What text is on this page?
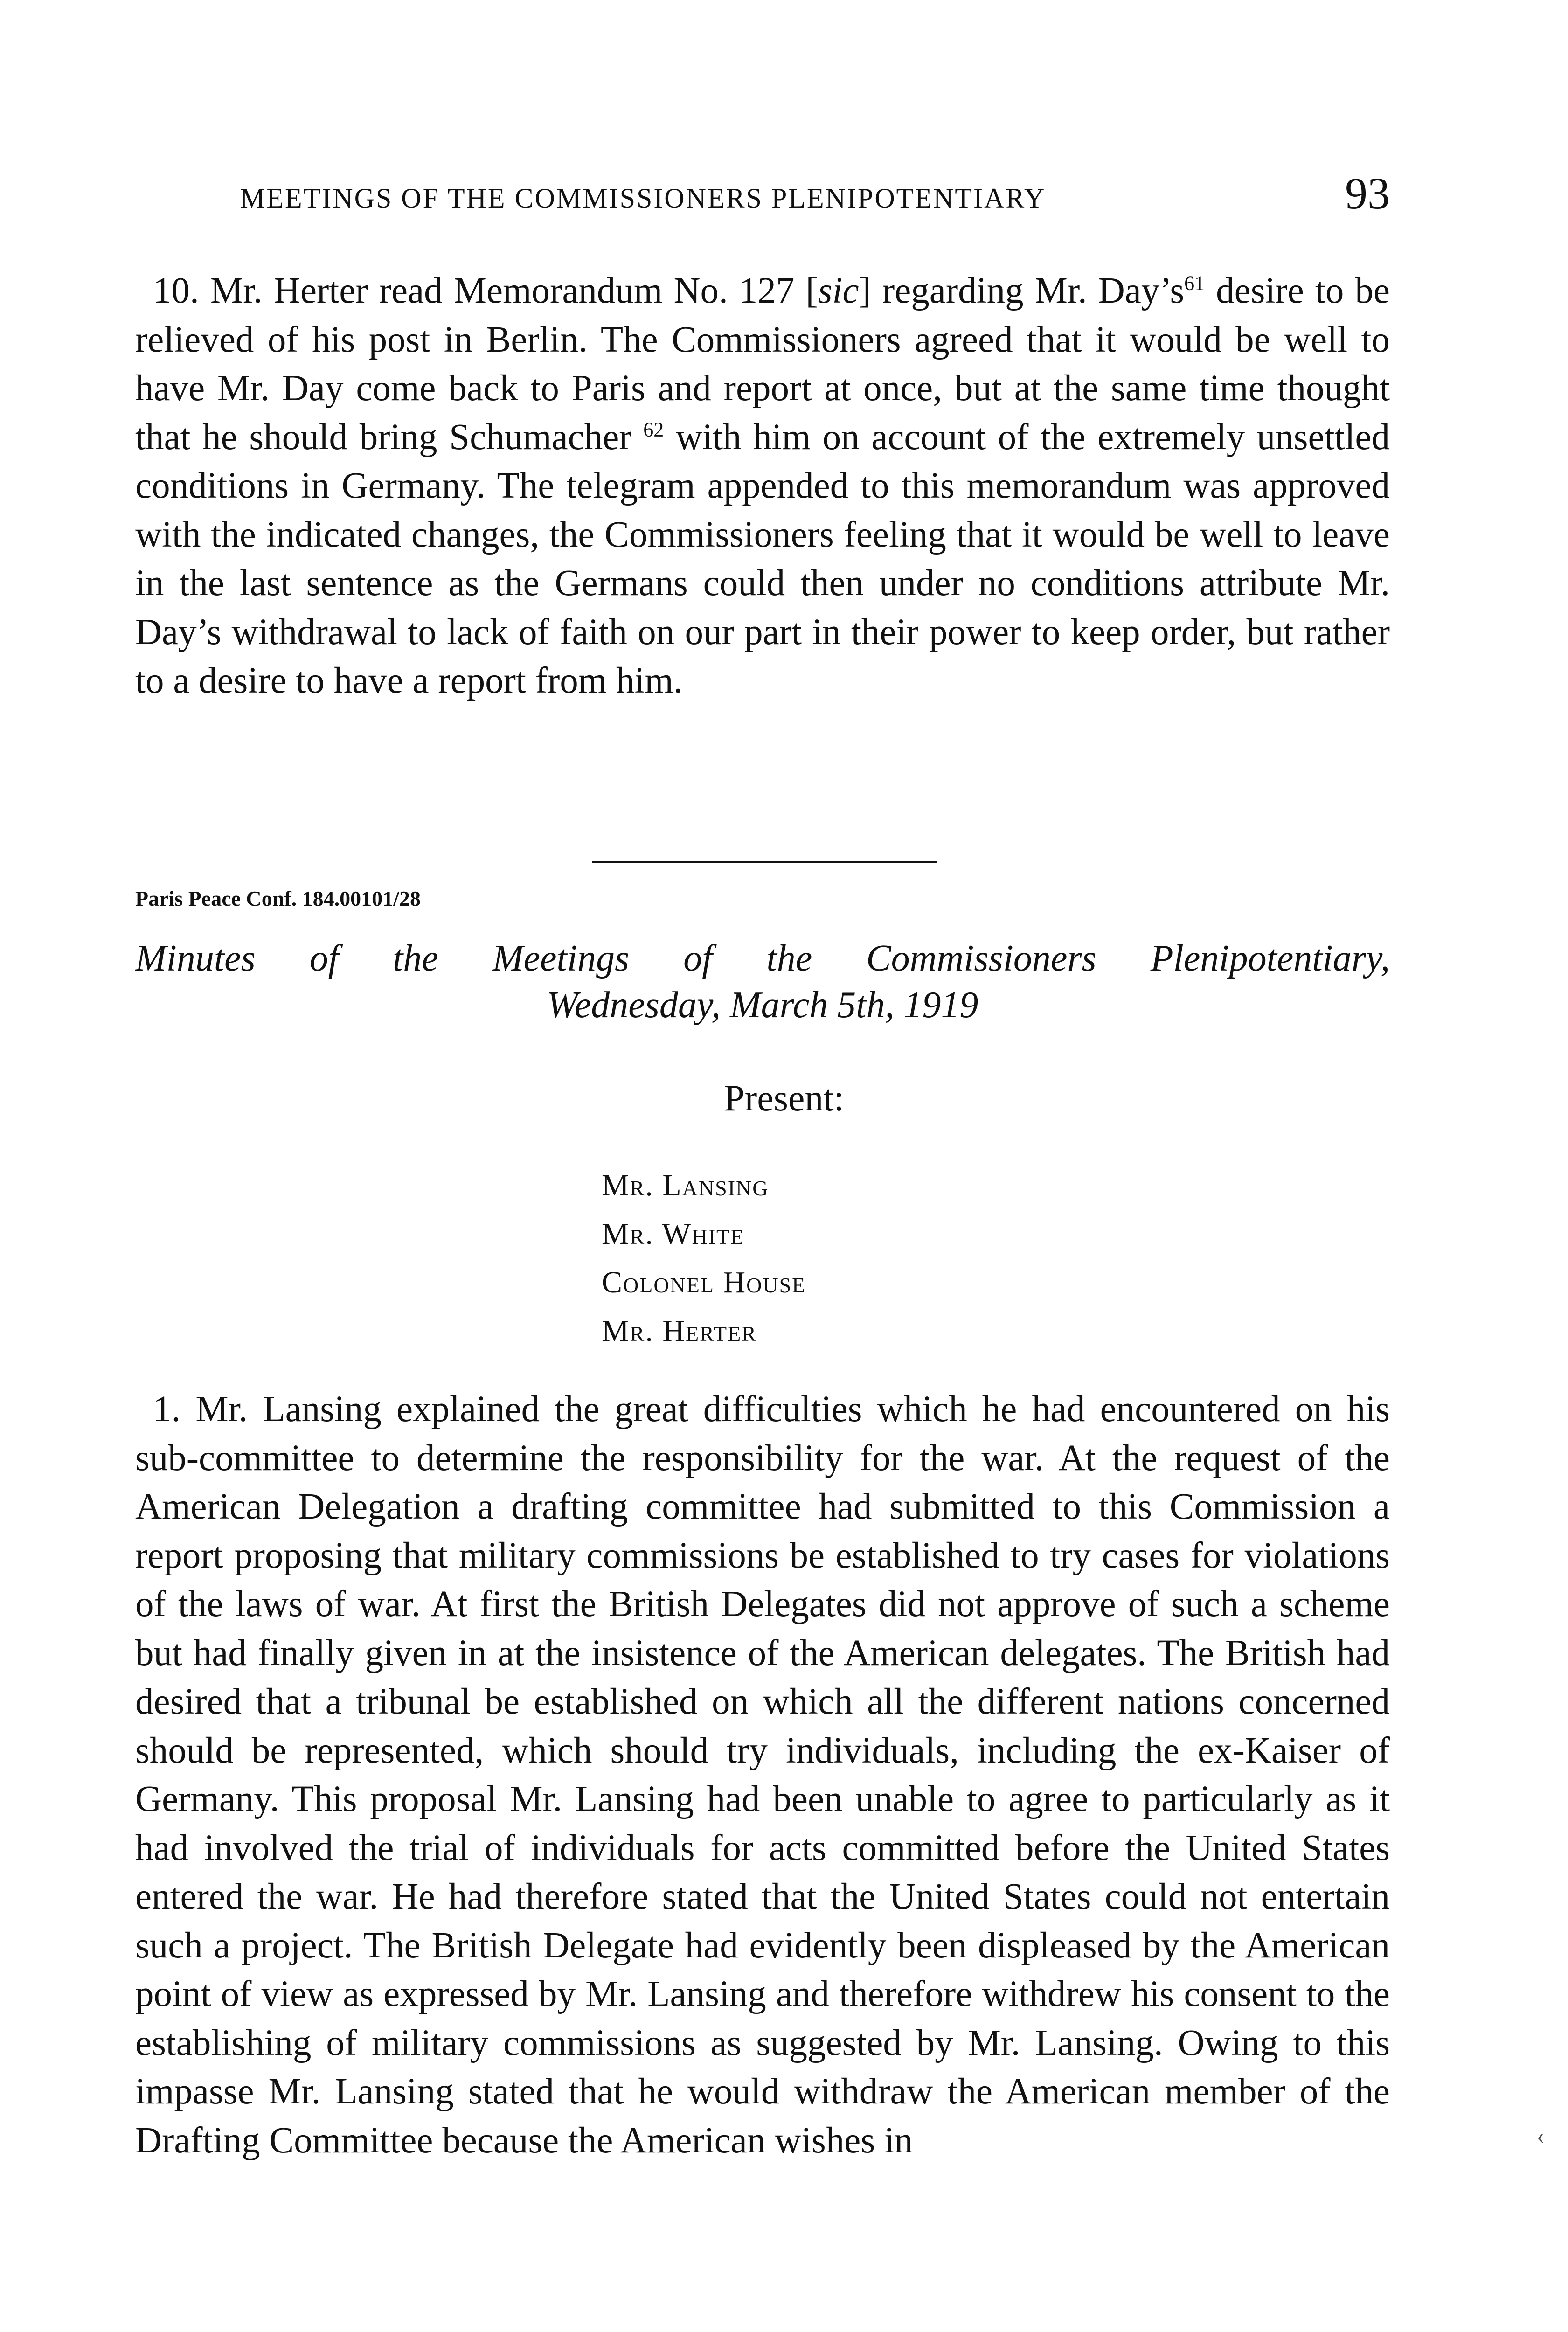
MEETINGS OF THE COMMISSIONERS PLENIPOTENTIARY	93

10. Mr. Herter read Memorandum No. 127 [sic] regarding Mr. Day’s$^{61}$ desire to be relieved of his post in Berlin. The Commissioners agreed that it would be well to have Mr. Day come back to Paris and report at once, but at the same time thought that he should bring Schumacher $^{62}$ with him on account of the extremely unsettled conditions in Germany. The telegram appended to this memorandum was approved with the indicated changes, the Commissioners feeling that it would be well to leave in the last sentence as the Germans could then under no conditions attribute Mr. Day’s withdrawal to lack of faith on our part in their power to keep order, but rather to a desire to have a report from him.

Paris Peace Conf. 184.00101/28
Minutes of the Meetings of the Commissioners Plenipotentiary,
Wednesday, March 5th, 1919
Present:
Mr. Lansing
Mr. White
Colonel House
Mr. Herter

1. Mr. Lansing explained the great difficulties which he had encountered on his sub-committee to determine the responsibility for the war. At the request of the American Delegation a drafting committee had submitted to this Commission a report proposing that military commissions be established to try cases for violations of the laws of war. At first the British Delegates did not approve of such a scheme but had finally given in at the insistence of the American delegates. The British had desired that a tribunal be established on which all the different nations concerned should be represented, which should try individuals, including the ex-Kaiser of Germany. This proposal Mr. Lansing had been unable to agree to particularly as it had involved the trial of individuals for acts committed before the United States entered the war. He had therefore stated that the United States could not entertain such a project. The British Delegate had evidently been displeased by the American point of view as expressed by Mr. Lansing and therefore withdrew his consent to the establishing of military commissions as suggested by Mr. Lansing. Owing to this impasse Mr. Lansing stated that he would withdraw the American member of the Drafting Committee because the American wishes in	‹
